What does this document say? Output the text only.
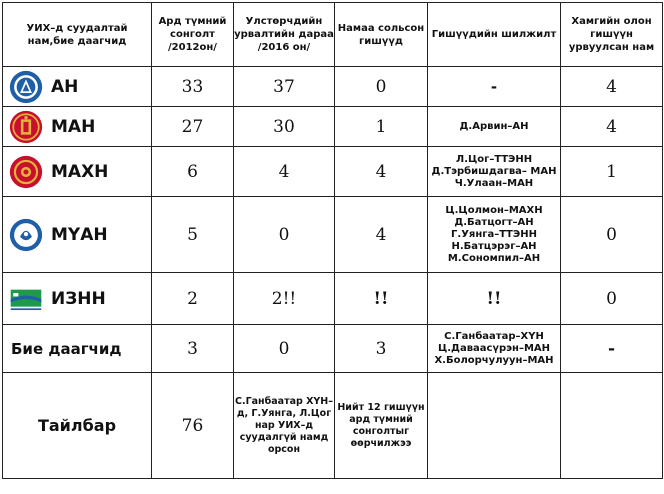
УИХ–д суудалтай нам,бие даагчид	Ард түмний сонголт /2012он/	Улстөрчдийн урвалтийн дараа /2016 он/	Намаа сольсон гишүүд	Гишүүдийн шилжилт	Хамгийн олон гишүүн урвуулсан нам

АН	33	37	0	-	4

МАН	27	30	1	Д.Арвин–АН	4

МАХН	6	4	4	Л.Цог–ТТЭНН
Д.Тэрбишдагва– МАН
Ч.Улаан–МАН	1

МҮАН	5	0	4	Ц.Цолмон–МАХН
Д.Батцогт–АН
Г.Уянга–ТТЭНН
Н.Батцэрэг–АН
М.Сономпил–АН	0

ИЗНН	2	2!!	!!	!!	0

Бие даагчид	3	0	3	С.Ганбаатар–ХҮН
Ц.Даваасүрэн–МАН
Х.Болорчулуун–МАН	-
Тайлбар	76	С.Ганбаатар ХҮН–д, Г.Уянга, Л.Цог нар УИХ–д суудалгүй намд орсон	Нийт 12 гишүүн ард түмний сонголтыг өөрчилжээ		
